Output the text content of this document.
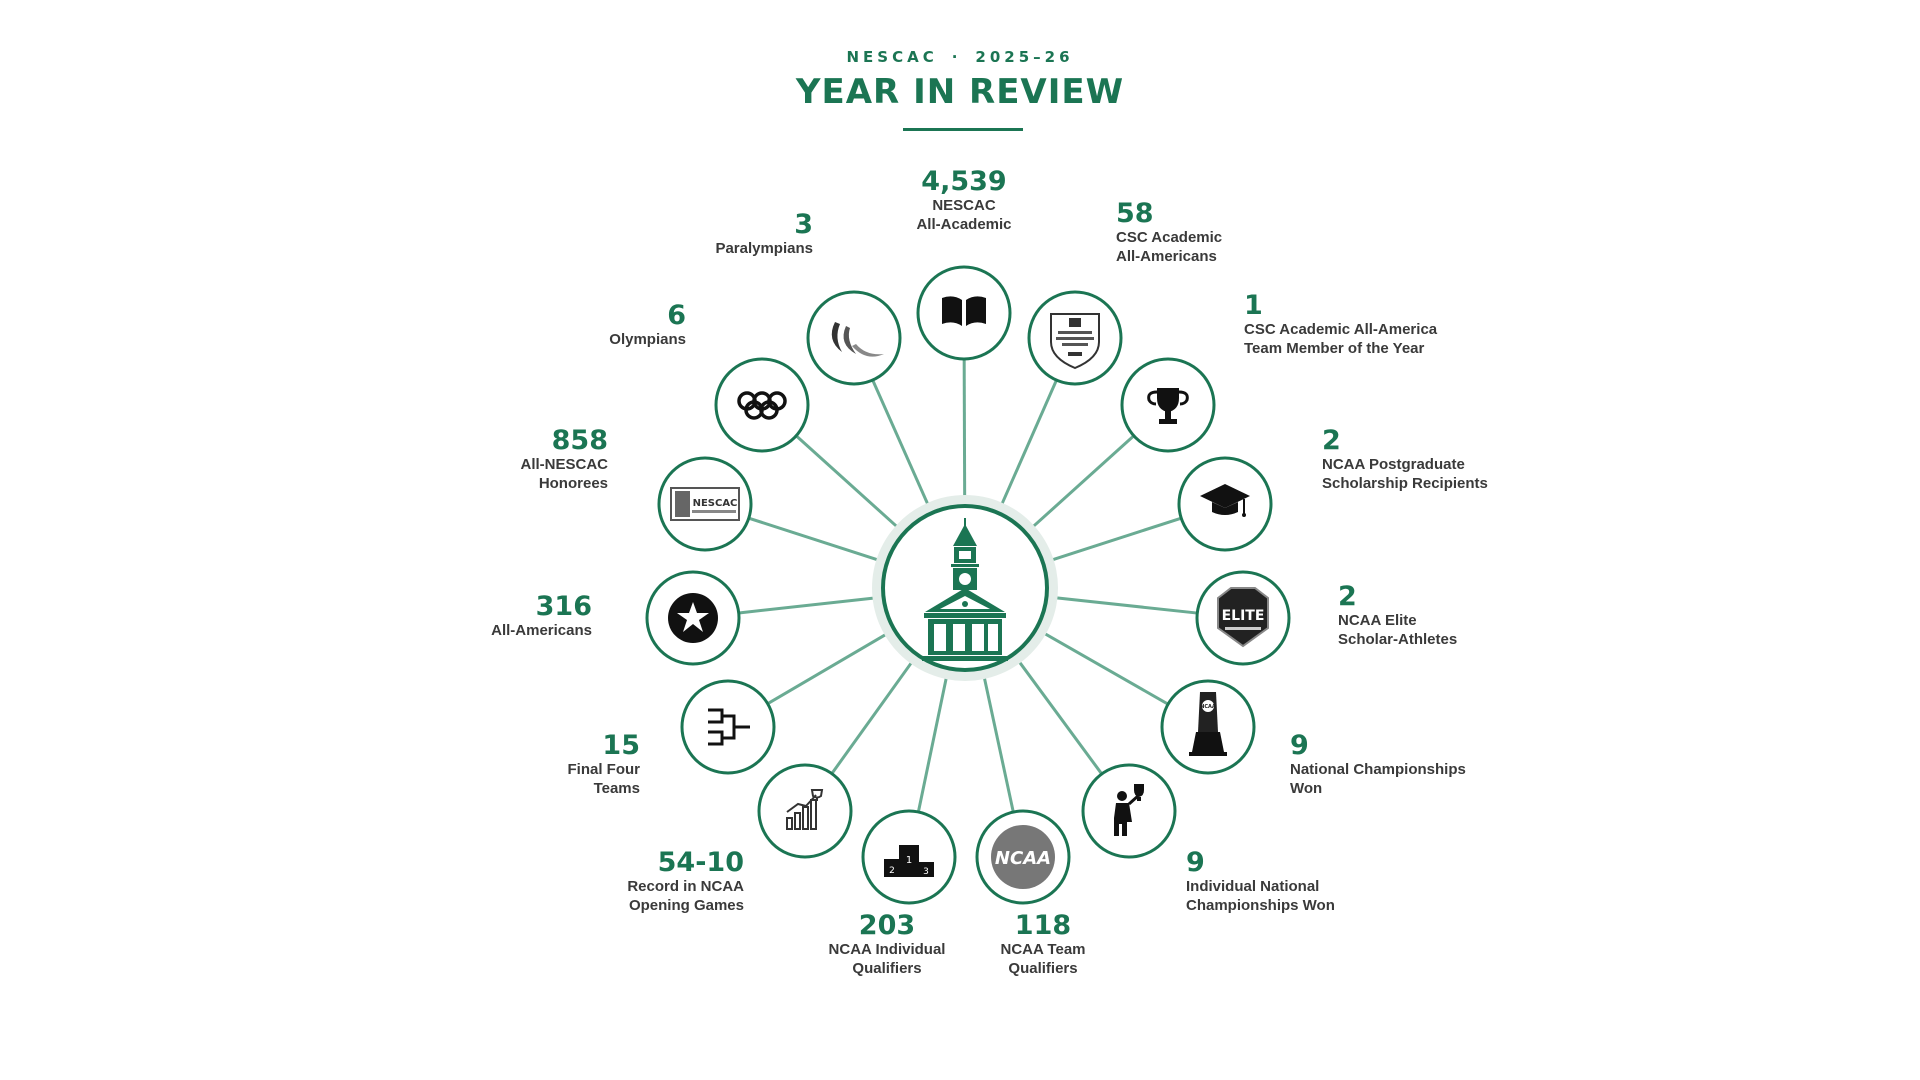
NESCAC · 2025–26
YEAR IN REVIEW
ELITE
NCAA
NCAA
1
2	3
NESCAC
4,539
NESCAC
All-Academic	58
CSC Academic
All-Americans
1
CSC Academic All-America
Team Member of the Year
2
NCAA Postgraduate
Scholarship Recipients
2
NCAA Elite
Scholar-Athletes
9
National Championships
Won
9
Individual National
Championships Won
118
NCAA Team
Qualifiers
203
NCAA Individual
Qualifiers
54-10
Record in NCAA
Opening Games
15
Final Four
Teams
316
All-Americans
858
All-NESCAC
Honorees
6
Olympians
3
Paralympians
